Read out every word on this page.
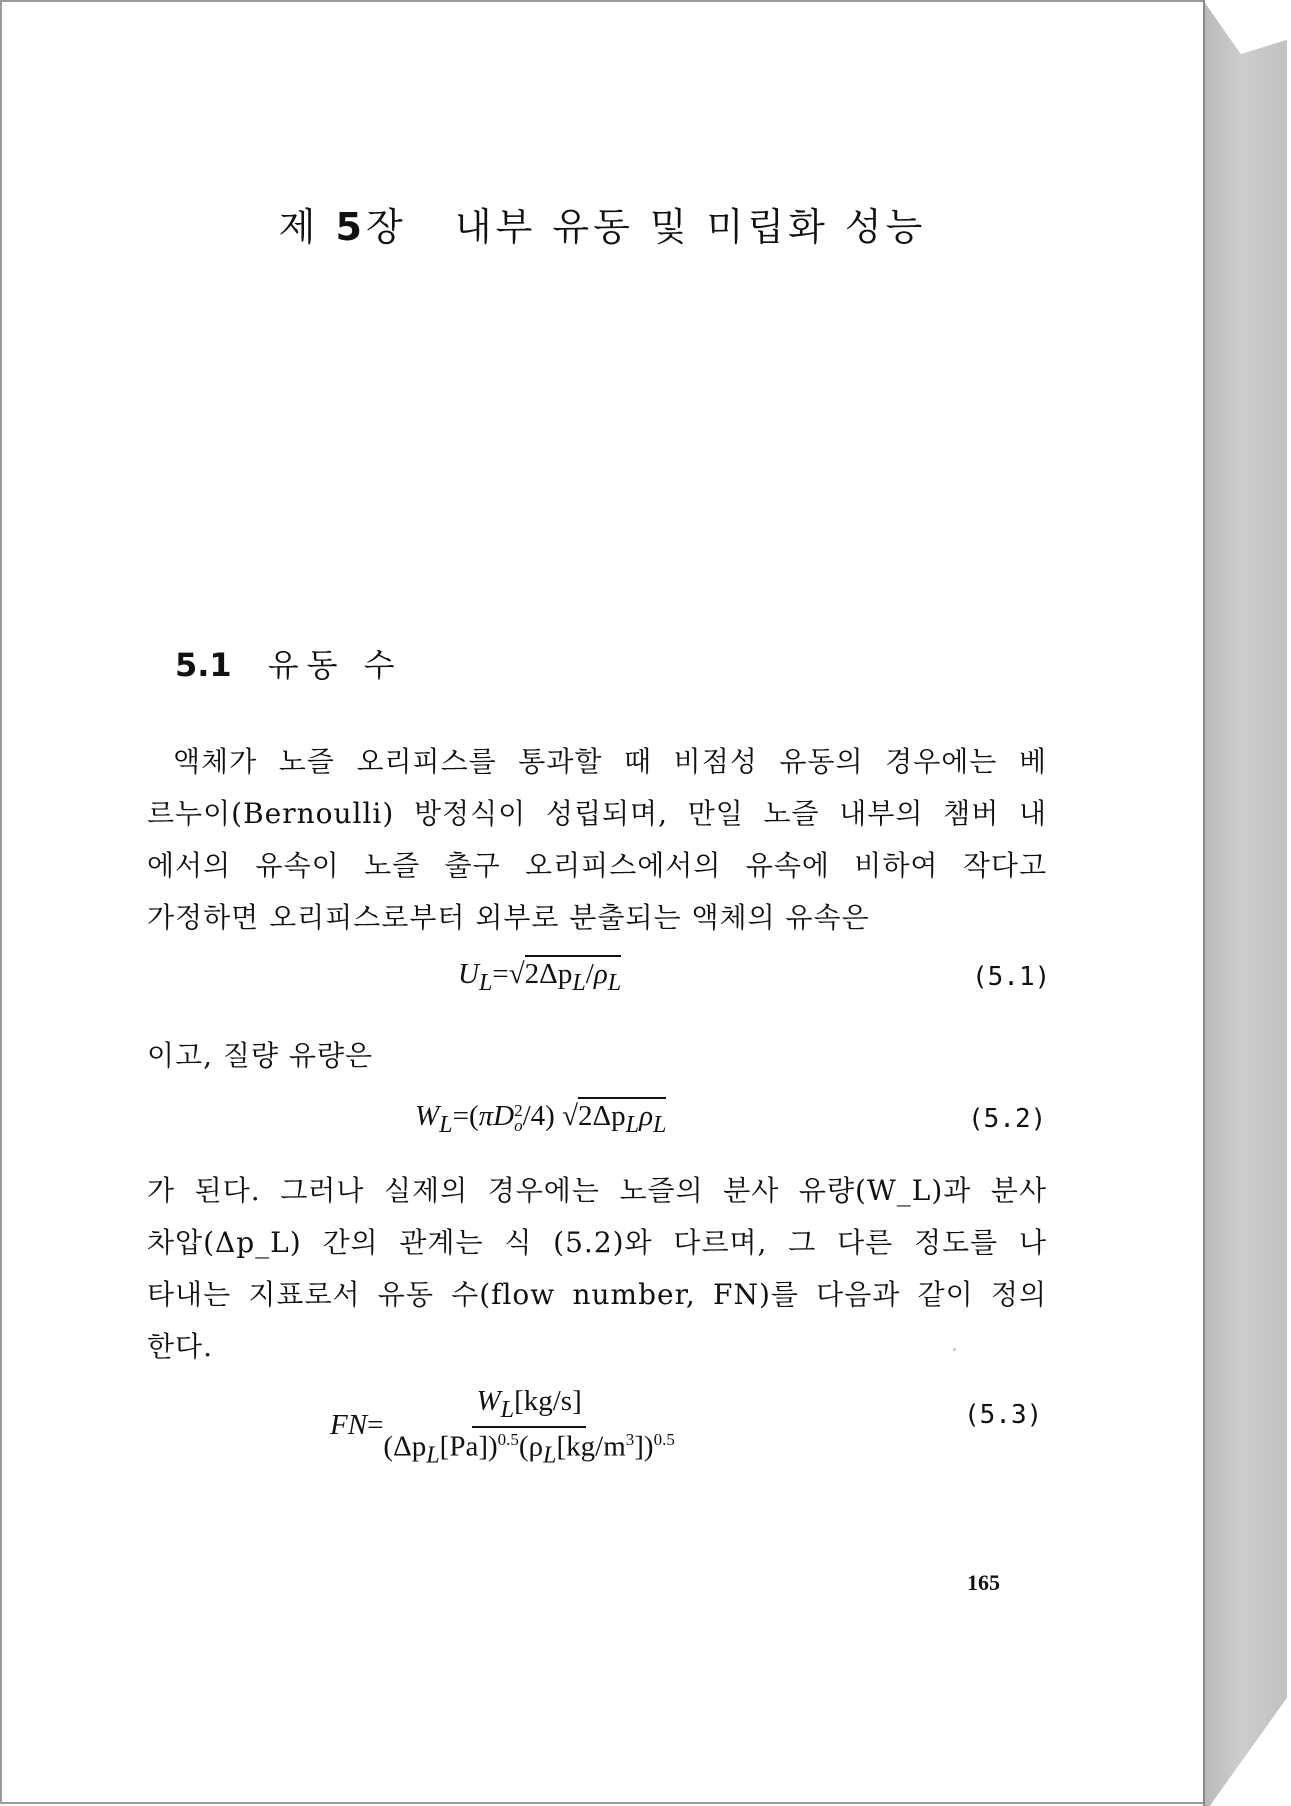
제 5장 내부 유동 및 미립화 성능
5.1 유동 수
액체가 노즐 오리피스를 통과할 때 비점성 유동의 경우에는 베
르누이(Bernoulli) 방정식이 성립되며, 만일 노즐 내부의 챔버 내
에서의 유속이 노즐 출구 오리피스에서의 유속에 비하여 작다고
가정하면 오리피스로부터 외부로 분출되는 액체의 유속은
$U_L=√2\Delta p_L/\rho_L$	(5.1)
이고, 질량 유량은
$W_L=(\pi D$ 2
o /4) $√2\Delta p_L\rho_L$	(5.2)
가 된다. 그러나 실제의 경우에는 노즐의 분사 유량(W_L)과 분사
차압(Δp_L) 간의 관계는 식 (5.2)와 다르며, 그 다른 정도를 나
타내는 지표로서 유동 수(flow number, FN)를 다음과 같이 정의
한다.
$FN= \frac{W_L[kg/s]}{(\Delta p_L[Pa])^{0.5}(\rho_L[kg/m^3])^{0.5}}$	(5.3)
165
